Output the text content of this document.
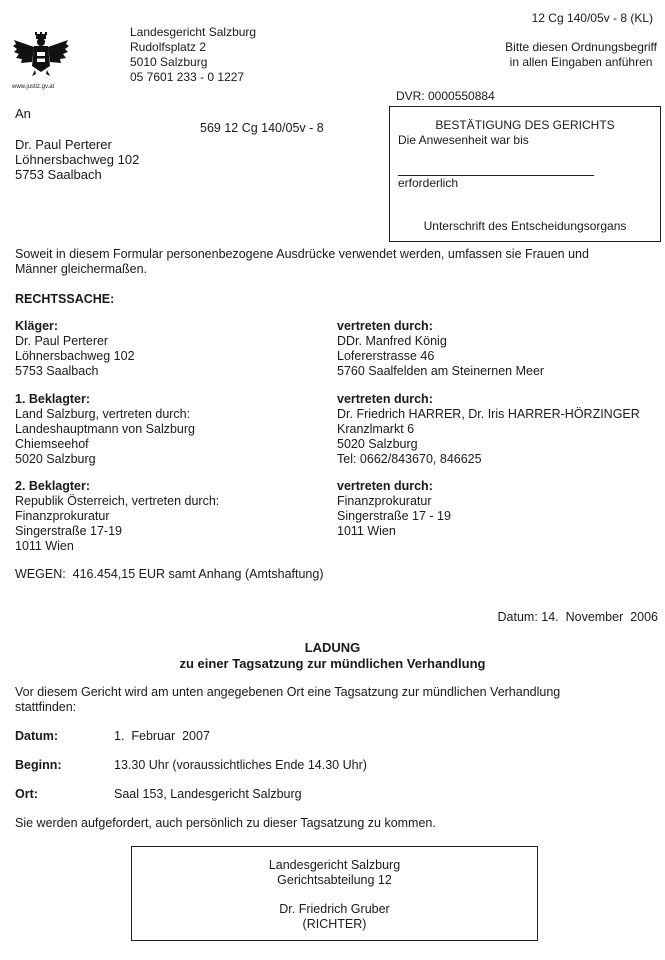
www.justiz.gv.at
Landesgericht Salzburg
Rudolfsplatz 2
5010 Salzburg
05 7601 233 - 0 1227
12 Cg 140/05v - 8 (KL)
Bitte diesen Ordnungsbegriff
in allen Eingaben anführen
DVR: 0000550884
An
569 12 Cg 140/05v - 8
Dr. Paul Perterer
Löhnersbachweg 102
5753 Saalbach
BESTÄTIGUNG DES GERICHTS
Die Anwesenheit war bis
erforderlich
Unterschrift des Entscheidungsorgans
Soweit in diesem Formular personenbezogene Ausdrücke verwendet werden, umfassen sie Frauen und
Männer gleichermaßen.
RECHTSSACHE:
Kläger:
Dr. Paul Perterer
Löhnersbachweg 102
5753 Saalbach
vertreten durch:
DDr. Manfred König
Lofererstrasse 46
5760 Saalfelden am Steinernen Meer
1. Beklagter:
Land Salzburg, vertreten durch:
Landeshauptmann von Salzburg
Chiemseehof
5020 Salzburg
vertreten durch:
Dr. Friedrich HARRER, Dr. Iris HARRER-HÖRZINGER
Kranzlmarkt 6
5020 Salzburg
Tel: 0662/843670, 846625
2. Beklagter:
Republik Österreich, vertreten durch:
Finanzprokuratur
Singerstraße 17-19
1011 Wien
vertreten durch:
Finanzprokuratur
Singerstraße 17 - 19
1011 Wien
WEGEN:  416.454,15 EUR samt Anhang (Amtshaftung)
Datum: 14.  November  2006
LADUNG
zu einer Tagsatzung zur mündlichen Verhandlung
Vor diesem Gericht wird am unten angegebenen Ort eine Tagsatzung zur mündlichen Verhandlung
stattfinden:
Datum:	1.  Februar  2007
Beginn:	13.30 Uhr (voraussichtliches Ende 14.30 Uhr)
Ort:	Saal 153, Landesgericht Salzburg
Sie werden aufgefordert, auch persönlich zu dieser Tagsatzung zu kommen.
Landesgericht Salzburg
Gerichtsabteilung 12
Dr. Friedrich Gruber
(RICHTER)
